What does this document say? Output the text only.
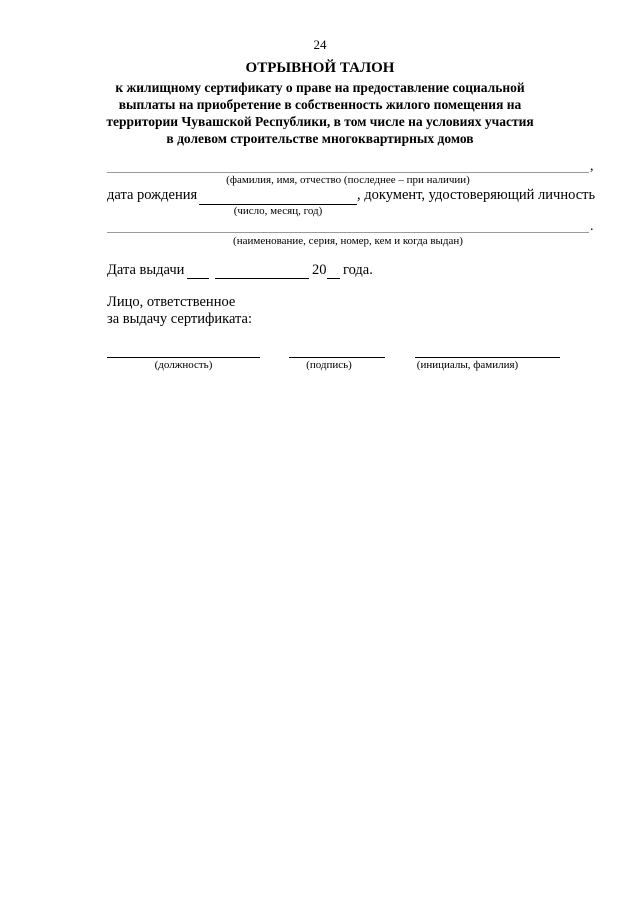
24
ОТРЫВНОЙ ТАЛОН
к жилищному сертификату о праве на предоставление социальной
выплаты на приобретение в собственность жилого помещения на
территории Чувашской Республики, в том числе на условиях участия
в долевом строительстве многоквартирных домов
,
(фамилия, имя, отчество (последнее – при наличии)
дата рождения	, документ, удостоверяющий личность
(число, месяц, год)
.
(наименование, серия, номер, кем и когда выдан)
Дата выдачи	20 года.
Лицо, ответственное
за выдачу сертификата:
(должность)	(подпись)	(инициалы, фамилия)
